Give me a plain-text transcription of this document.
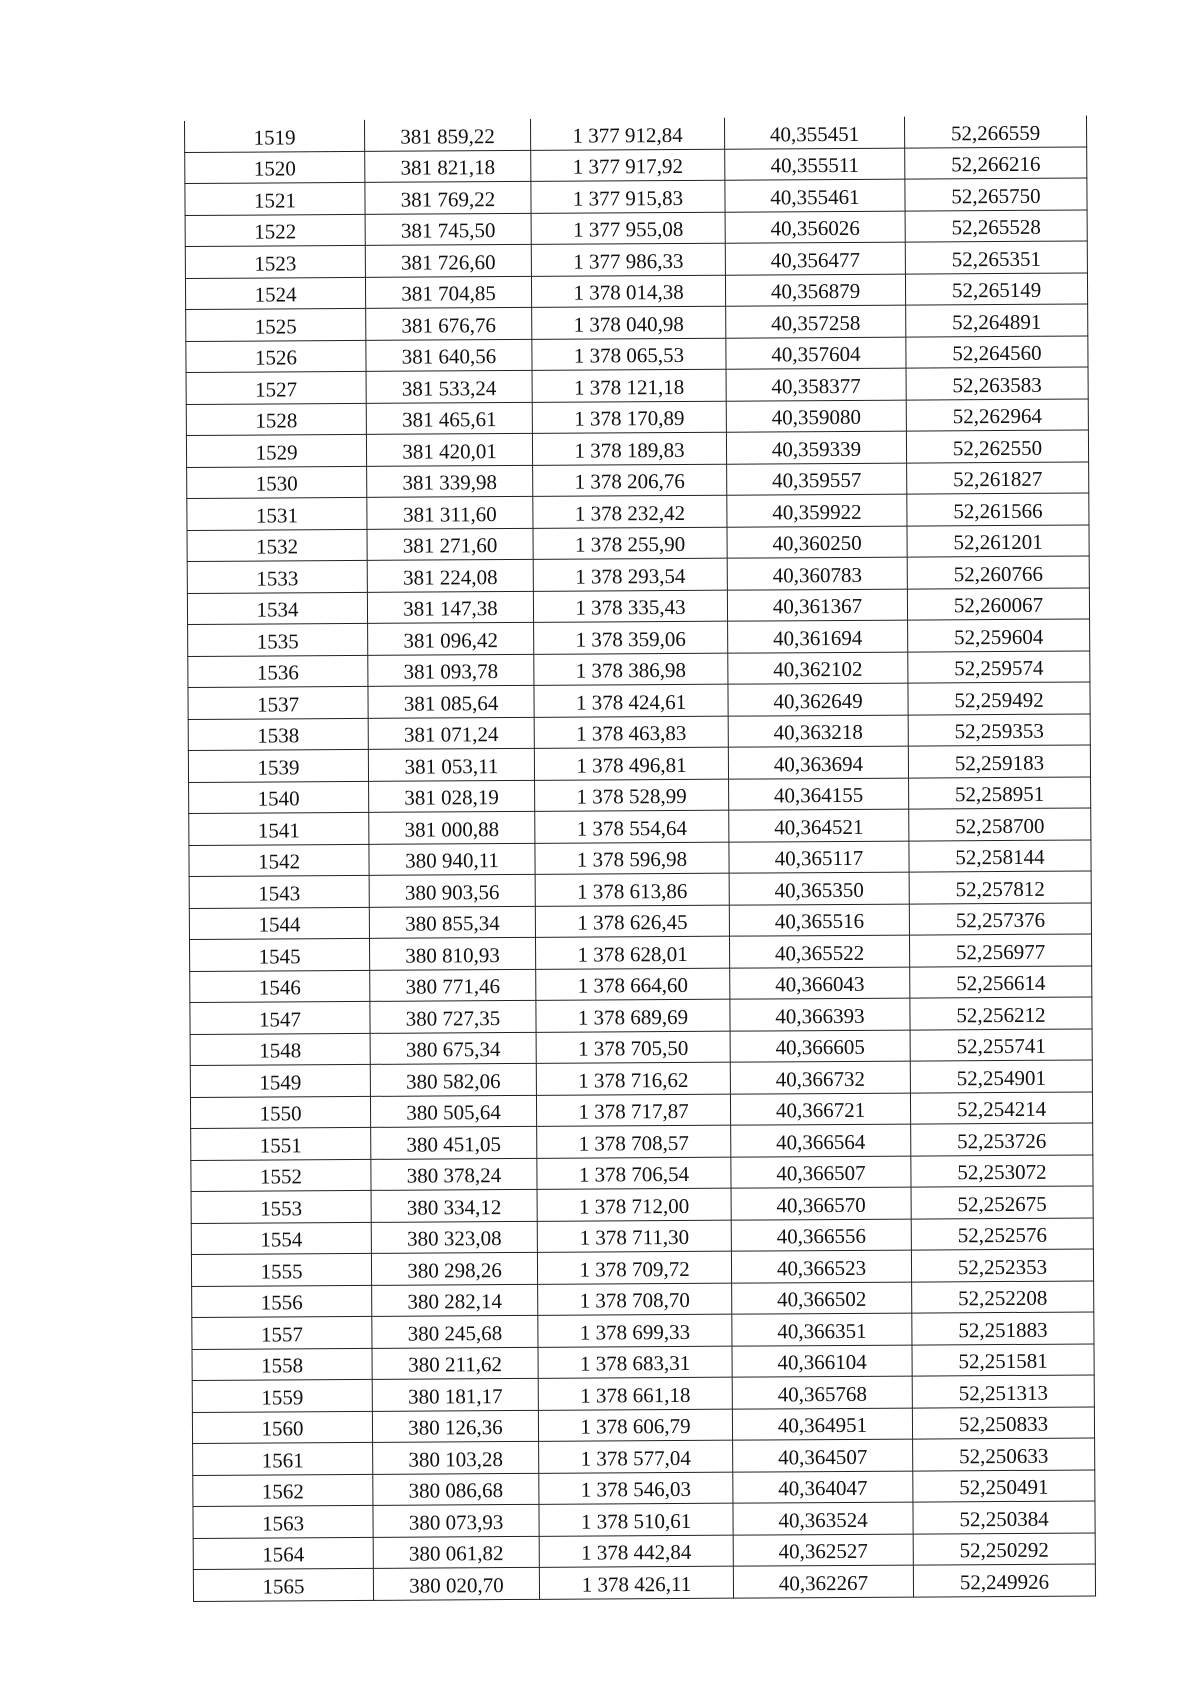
1519	381 859,22	1 377 912,84	40,355451	52,266559
1520	381 821,18	1 377 917,92	40,355511	52,266216
1521	381 769,22	1 377 915,83	40,355461	52,265750
1522	381 745,50	1 377 955,08	40,356026	52,265528
1523	381 726,60	1 377 986,33	40,356477	52,265351
1524	381 704,85	1 378 014,38	40,356879	52,265149
1525	381 676,76	1 378 040,98	40,357258	52,264891
1526	381 640,56	1 378 065,53	40,357604	52,264560
1527	381 533,24	1 378 121,18	40,358377	52,263583
1528	381 465,61	1 378 170,89	40,359080	52,262964
1529	381 420,01	1 378 189,83	40,359339	52,262550
1530	381 339,98	1 378 206,76	40,359557	52,261827
1531	381 311,60	1 378 232,42	40,359922	52,261566
1532	381 271,60	1 378 255,90	40,360250	52,261201
1533	381 224,08	1 378 293,54	40,360783	52,260766
1534	381 147,38	1 378 335,43	40,361367	52,260067
1535	381 096,42	1 378 359,06	40,361694	52,259604
1536	381 093,78	1 378 386,98	40,362102	52,259574
1537	381 085,64	1 378 424,61	40,362649	52,259492
1538	381 071,24	1 378 463,83	40,363218	52,259353
1539	381 053,11	1 378 496,81	40,363694	52,259183
1540	381 028,19	1 378 528,99	40,364155	52,258951
1541	381 000,88	1 378 554,64	40,364521	52,258700
1542	380 940,11	1 378 596,98	40,365117	52,258144
1543	380 903,56	1 378 613,86	40,365350	52,257812
1544	380 855,34	1 378 626,45	40,365516	52,257376
1545	380 810,93	1 378 628,01	40,365522	52,256977
1546	380 771,46	1 378 664,60	40,366043	52,256614
1547	380 727,35	1 378 689,69	40,366393	52,256212
1548	380 675,34	1 378 705,50	40,366605	52,255741
1549	380 582,06	1 378 716,62	40,366732	52,254901
1550	380 505,64	1 378 717,87	40,366721	52,254214
1551	380 451,05	1 378 708,57	40,366564	52,253726
1552	380 378,24	1 378 706,54	40,366507	52,253072
1553	380 334,12	1 378 712,00	40,366570	52,252675
1554	380 323,08	1 378 711,30	40,366556	52,252576
1555	380 298,26	1 378 709,72	40,366523	52,252353
1556	380 282,14	1 378 708,70	40,366502	52,252208
1557	380 245,68	1 378 699,33	40,366351	52,251883
1558	380 211,62	1 378 683,31	40,366104	52,251581
1559	380 181,17	1 378 661,18	40,365768	52,251313
1560	380 126,36	1 378 606,79	40,364951	52,250833
1561	380 103,28	1 378 577,04	40,364507	52,250633
1562	380 086,68	1 378 546,03	40,364047	52,250491
1563	380 073,93	1 378 510,61	40,363524	52,250384
1564	380 061,82	1 378 442,84	40,362527	52,250292
1565	380 020,70	1 378 426,11	40,362267	52,249926
